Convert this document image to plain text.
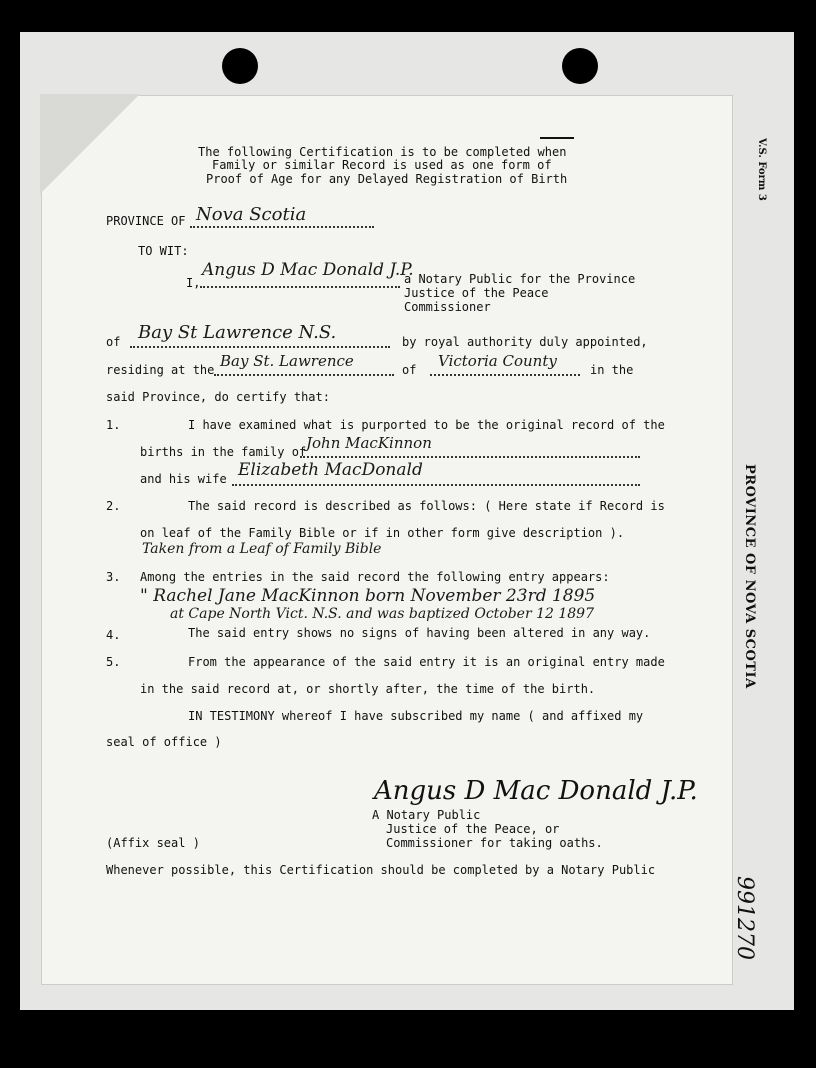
V.S. Form 3
PROVINCE OF NOVA SCOTIA
991270
The following Certification is to be completed when
Family or similar Record is used as one form of
Proof of Age for any Delayed Registration of Birth
PROVINCE OF Nova Scotia
TO WIT:
I,
Angus D Mac Donald J.P.
a Notary Public for the Province
Justice of the Peace
Commissioner
of Bay St Lawrence N.S.	by royal authority duly appointed,
residing at the Bay St. Lawrence	of Victoria County	in the
said Province, do certify that:
1.	I have examined what is purported to be the original record of the
births in the family of John MacKinnon
and his wife Elizabeth MacDonald
2.	The said record is described as follows: ( Here state if Record is
on leaf of the Family Bible or if in other form give description ).
Taken from a Leaf of Family Bible
3. Among the entries in the said record the following entry appears:
" Rachel Jane MacKinnon born November 23rd 1895
at Cape North Vict. N.S. and was baptized October 12 1897
4.	The said entry shows no signs of having been altered in any way.
5.	From the appearance of the said entry it is an original entry made
in the said record at, or shortly after, the time of the birth.
IN TESTIMONY whereof I have subscribed my name ( and affixed my
seal of office )
Angus D Mac Donald J.P.
A Notary Public
Justice of the Peace, or
Commissioner for taking oaths.
(Affix seal )
Whenever possible, this Certification should be completed by a Notary Public
